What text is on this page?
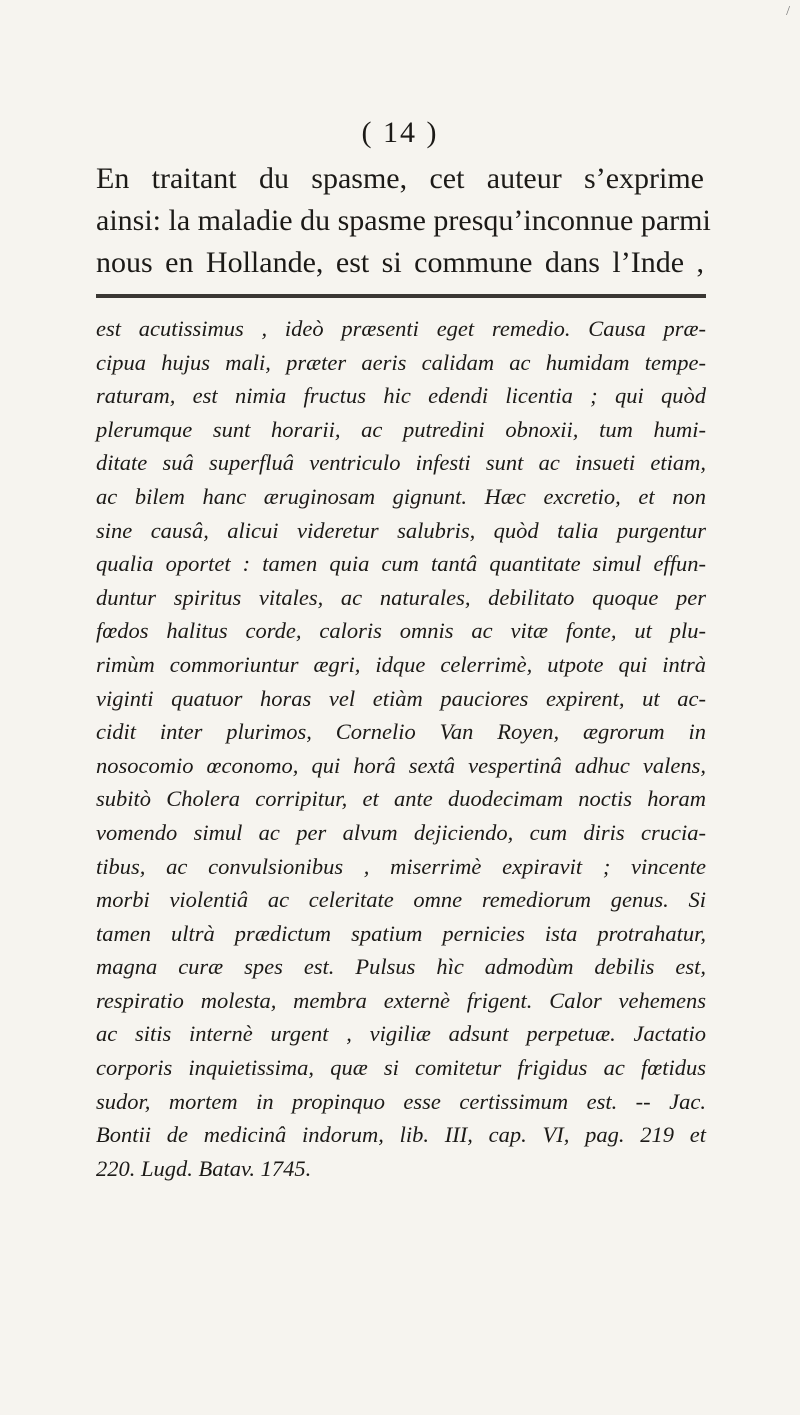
/
( 14 )
En traitant du spasme, cet auteur s’exprime
ainsi: la maladie du spasme presqu’inconnue parmi
nous en Hollande, est si commune dans l’Inde ,
est acutissimus , ideò præsenti eget remedio. Causa præ-
cipua hujus mali, præter aeris calidam ac humidam tempe-
raturam, est nimia fructus hic edendi licentia ; qui quòd
plerumque sunt horarii, ac putredini obnoxii, tum humi-
ditate suâ superfluâ ventriculo infesti sunt ac insueti etiam,
ac bilem hanc æruginosam gignunt. Hæc excretio, et non
sine causâ, alicui videretur salubris, quòd talia purgentur
qualia oportet : tamen quia cum tantâ quantitate simul effun-
duntur spiritus vitales, ac naturales, debilitato quoque per
fœdos halitus corde, caloris omnis ac vitæ fonte, ut plu-
rimùm commoriuntur ægri, idque celerrimè, utpote qui intrà
viginti quatuor horas vel etiàm pauciores expirent, ut ac-
cidit inter plurimos, Cornelio Van Royen, ægrorum in
nosocomio œconomo, qui horâ sextâ vespertinâ adhuc valens,
subitò Cholera corripitur, et ante duodecimam noctis horam
vomendo simul ac per alvum dejiciendo, cum diris crucia-
tibus, ac convulsionibus , miserrimè expiravit ; vincente
morbi violentiâ ac celeritate omne remediorum genus. Si
tamen ultrà prædictum spatium pernicies ista protrahatur,
magna curæ spes est. Pulsus hìc admodùm debilis est,
respiratio molesta, membra externè frigent. Calor vehemens
ac sitis internè urgent , vigiliæ adsunt perpetuæ. Jactatio
corporis inquietissima, quæ si comitetur frigidus ac fœtidus
sudor, mortem in propinquo esse certissimum est. -- Jac.
Bontii de medicinâ indorum, lib. III, cap. VI, pag. 219 et
220. Lugd. Batav. 1745.
